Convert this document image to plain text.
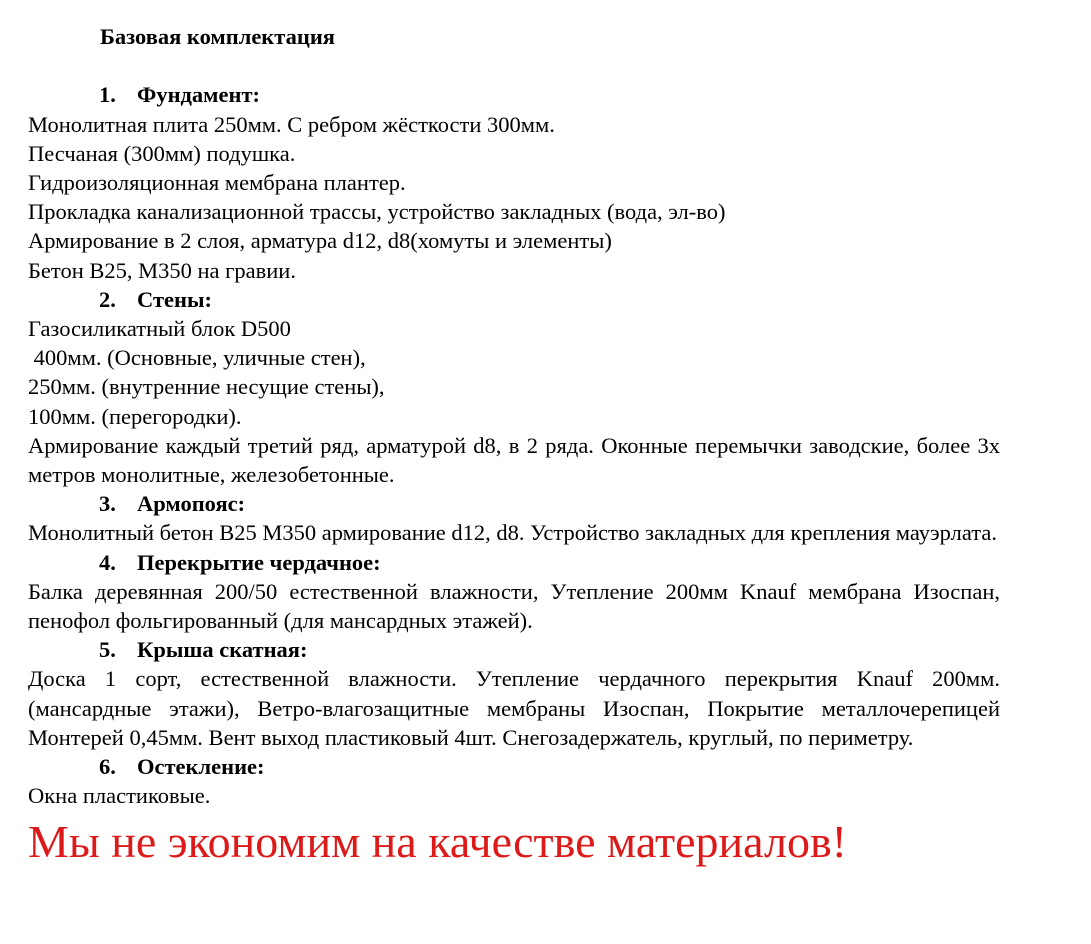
Базовая комплектация
1. Фундамент:

Монолитная плита 250мм. С ребром жёсткости 300мм.

Песчаная (300мм) подушка.

Гидроизоляционная мембрана плантер.

Прокладка канализационной трассы, устройство закладных (вода, эл-во)

Армирование в 2 слоя, арматура d12, d8(хомуты и элементы)

Бетон В25, М350 на гравии.

2. Стены:

Газосиликатный блок D500

400мм. (Основные, уличные стен),

250мм. (внутренние несущие стены),

100мм. (перегородки).

Армирование каждый третий ряд, арматурой d8, в 2 ряда. Оконные перемычки заводские, более 3х метров монолитные, железобетонные.

3. Армопояс:

Монолитный бетон В25 М350 армирование d12, d8. Устройство закладных для крепления мауэрлата.

4. Перекрытие чердачное:

Балка деревянная 200/50 естественной влажности, Утепление 200мм Knauf мембрана Изоспан, пенофол фольгированный (для мансардных этажей).

5. Крыша скатная:

Доска 1 сорт, естественной влажности. Утепление чердачного перекрытия Knauf 200мм.(мансардные этажи), Ветро-влагозащитные мембраны Изоспан, Покрытие металлочерепицей Монтерей 0,45мм. Вент выход пластиковый 4шт. Снегозадержатель, круглый, по периметру.

6. Остекление:

Окна пластиковые.

Мы не экономим на качестве материалов!
